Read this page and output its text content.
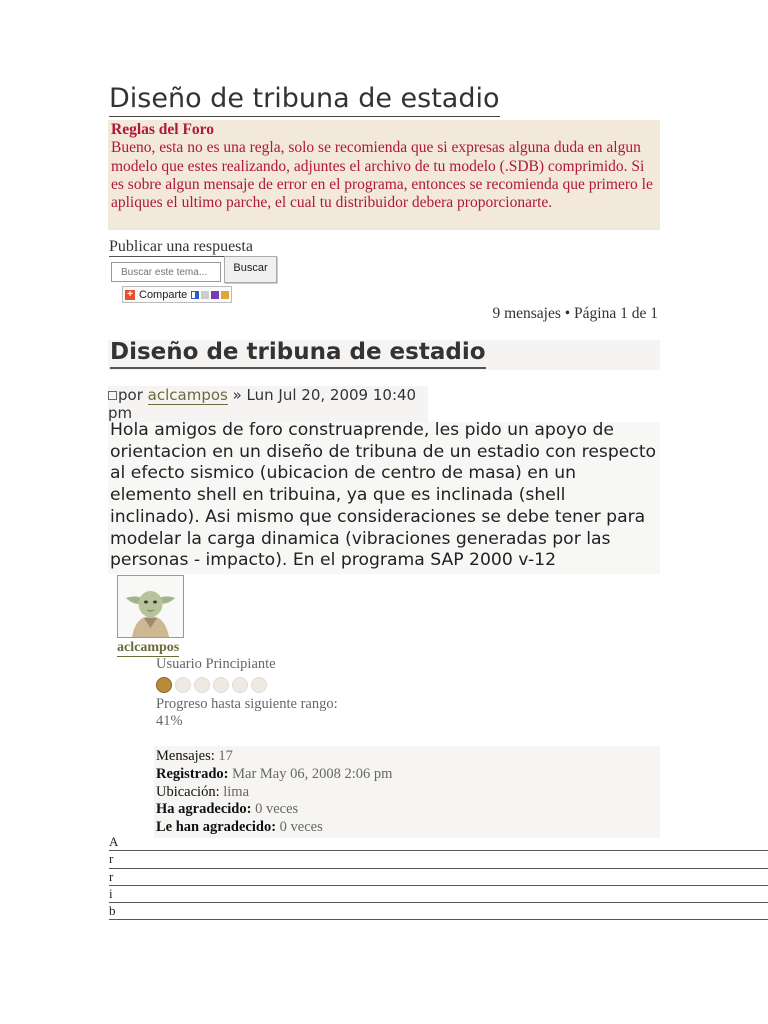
Diseño de tribuna de estadio
Reglas del Foro
Bueno, esta no es una regla, solo se recomienda que si expresas alguna duda en algun modelo que estes realizando, adjuntes el archivo de tu modelo (.SDB) comprimido. Si es sobre algun mensaje de error en el programa, entonces se recomienda que primero le apliques el ultimo parche, el cual tu distribuidor debera proporcionarte.
Publicar una respuesta
Buscar este tema...
Buscar
+ Comparte
9 mensajes • Página 1 de 1
Diseño de tribuna de estadio
por aclcampos » Lun Jul 20, 2009 10:40 pm
Hola amigos de foro construaprende, les pido un apoyo de orientacion en un diseño de tribuna de un estadio con respecto al efecto sismico (ubicacion de centro de masa) en un elemento shell en tribuina, ya que es inclinada (shell inclinado). Asi mismo que consideraciones se debe tener para modelar la carga dinamica (vibraciones generadas por las personas - impacto). En el programa SAP 2000 v-12
aclcampos
Usuario Principiante
Progreso hasta siguiente rango:
41%
Mensajes: 17
Registrado: Mar May 06, 2008 2:06 pm
Ubicación: lima
Ha agradecido: 0 veces
Le han agradecido: 0 veces
A
r
r
i
b
